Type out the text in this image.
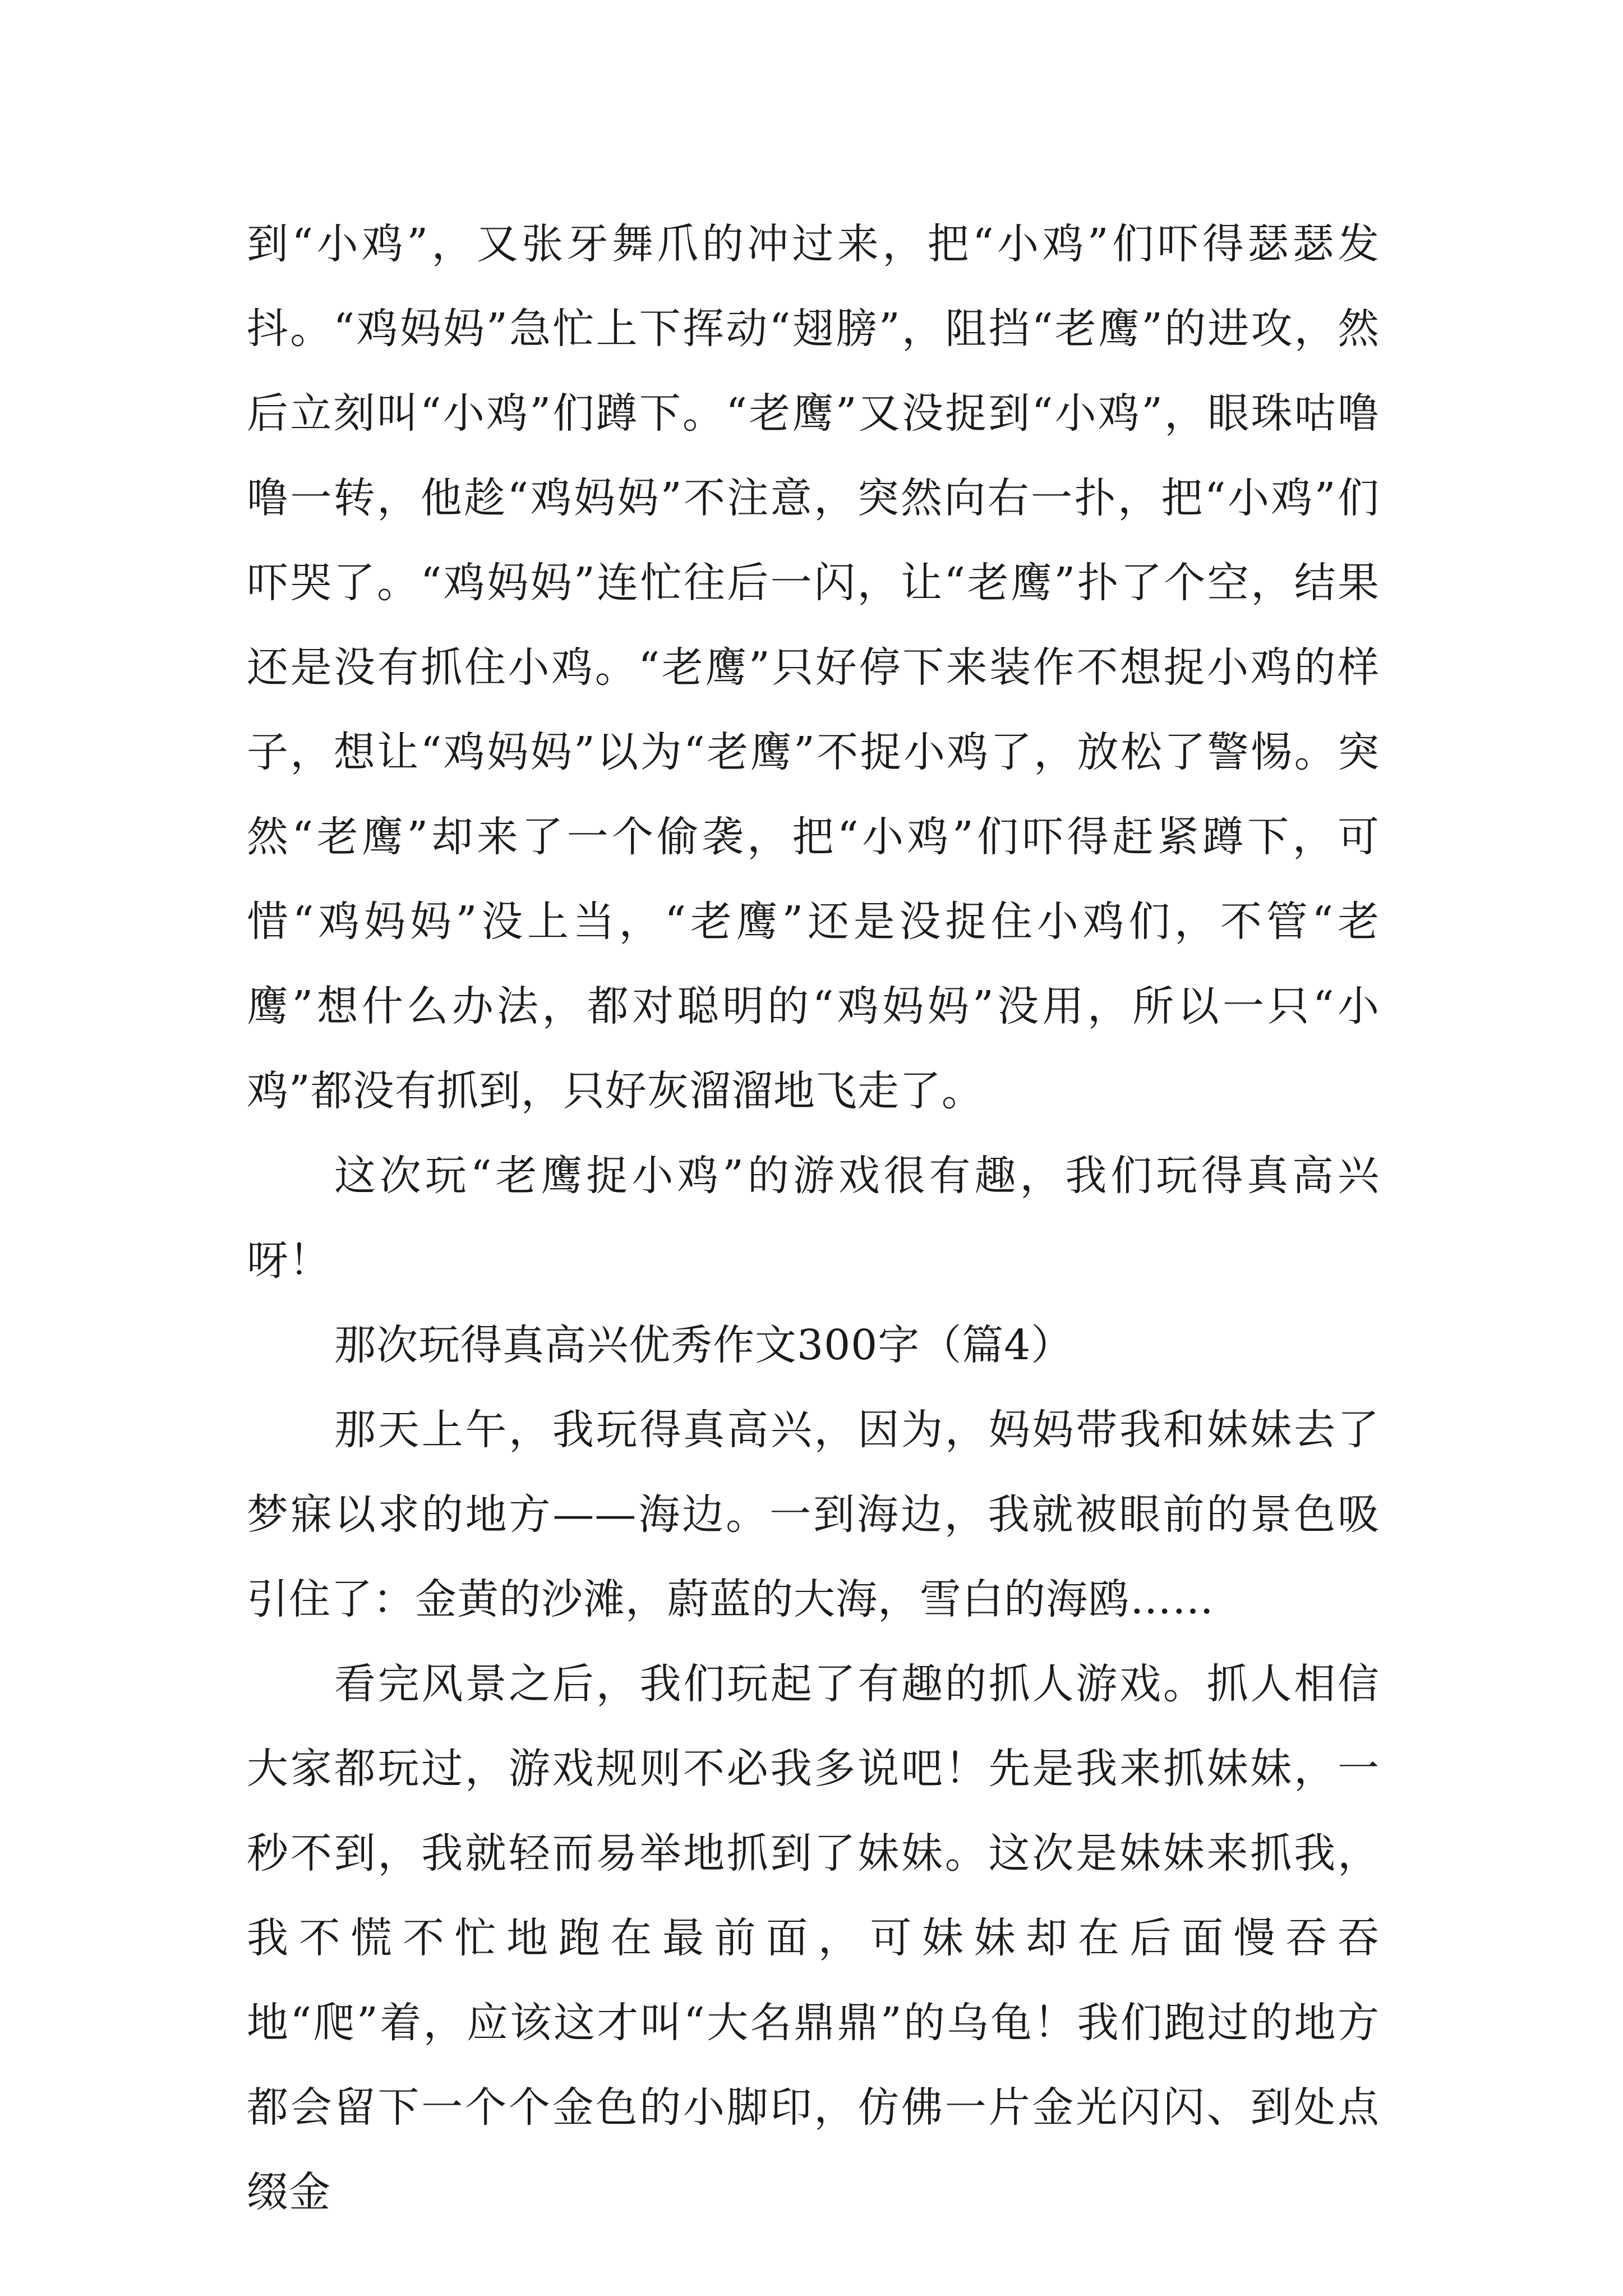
到“小鸡”，又张牙舞爪的冲过来，把“小鸡”们吓得瑟瑟发抖。“鸡妈妈”急忙上下挥动“翅膀”，阻挡“老鹰”的进攻，然后立刻叫“小鸡”们蹲下。“老鹰”又没捉到“小鸡”，眼珠咕噜噜一转，他趁“鸡妈妈”不注意，突然向右一扑，把“小鸡”们吓哭了。“鸡妈妈”连忙往后一闪，让“老鹰”扑了个空，结果还是没有抓住小鸡。“老鹰”只好停下来装作不想捉小鸡的样子，想让“鸡妈妈”以为“老鹰”不捉小鸡了，放松了警惕。突然“老鹰”却来了一个偷袭，把“小鸡”们吓得赶紧蹲下，可惜“鸡妈妈”没上当，“老鹰”还是没捉住小鸡们，不管“老鹰”想什么办法，都对聪明的“鸡妈妈”没用，所以一只“小鸡”都没有抓到，只好灰溜溜地飞走了。

这次玩“老鹰捉小鸡”的游戏很有趣，我们玩得真高兴呀！

那次玩得真高兴优秀作文300字（篇4）

那天上午，我玩得真高兴，因为，妈妈带我和妹妹去了梦寐以求的地方——海边。一到海边，我就被眼前的景色吸引住了：金黄的沙滩，蔚蓝的大海，雪白的海鸥……

看完风景之后，我们玩起了有趣的抓人游戏。抓人相信大家都玩过，游戏规则不必我多说吧！先是我来抓妹妹，一秒不到，我就轻而易举地抓到了妹妹。这次是妹妹来抓我，我不慌不忙地跑在最前面，可妹妹却在后面慢吞吞地“爬”着，应该这才叫“大名鼎鼎”的乌龟！我们跑过的地方都会留下一个个金色的小脚印，仿佛一片金光闪闪、到处点缀金
